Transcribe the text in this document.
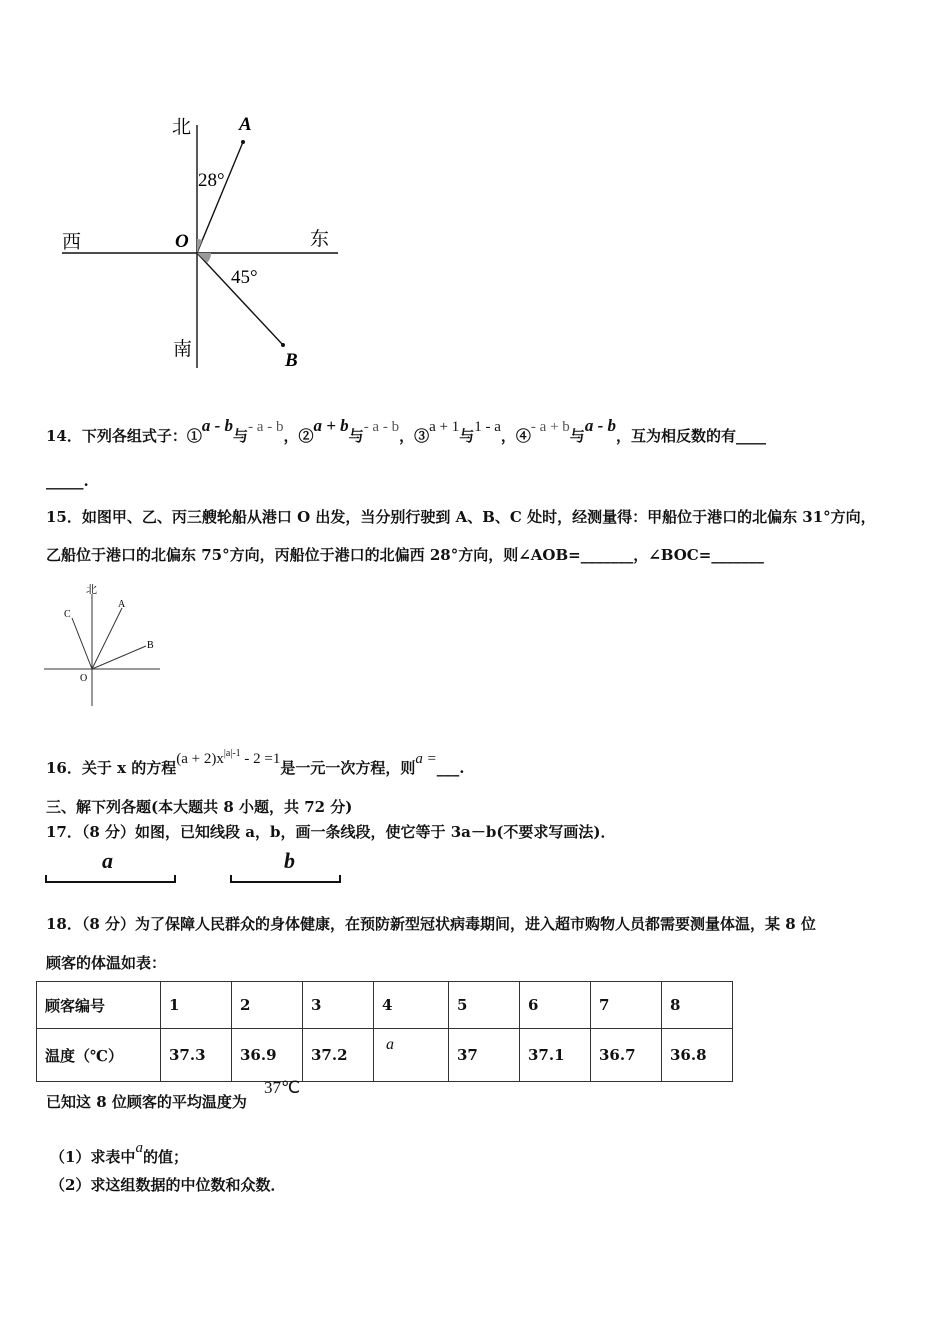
北
南
西	东
A
B
O
28°
45°
14．下列各组式子：①a - b与- a - b，②a + b与- a - b，③a + 1与1 - a，④- a + b与a - b，互为相反数的有____
_____.
15．如图甲、乙、丙三艘轮船从港口 O 出发，当分别行驶到 A、B、C 处时，经测量得：甲船位于港口的北偏东 31°方向，
乙船位于港口的北偏东 75°方向，丙船位于港口的北偏西 28°方向，则∠AOB=_______，∠BOC=_______
北
A
B
C
O
16．关于 x 的方程$(a + 2)x^{|a|-1} - 2 =1$是一元一次方程，则a =___.
三、解下列各题(本大题共 8 小题，共 72 分)
17．（8 分）如图，已知线段 a，b，画一条线段，使它等于 3a－b(不要求写画法)．
a	b
18．（8 分）为了保障人民群众的身体健康，在预防新型冠状病毒期间，进入超市购物人员都需要测量体温，某 8 位
顾客的体温如表：
顾客编号	1	2	3	4	5	6	7	8
温度（℃）	37.3	36.9	37.2	a	37	37.1	36.7	36.8
已知这 8 位顾客的平均温度为
37℃
（1）求表中a的值；
（2）求这组数据的中位数和众数．
